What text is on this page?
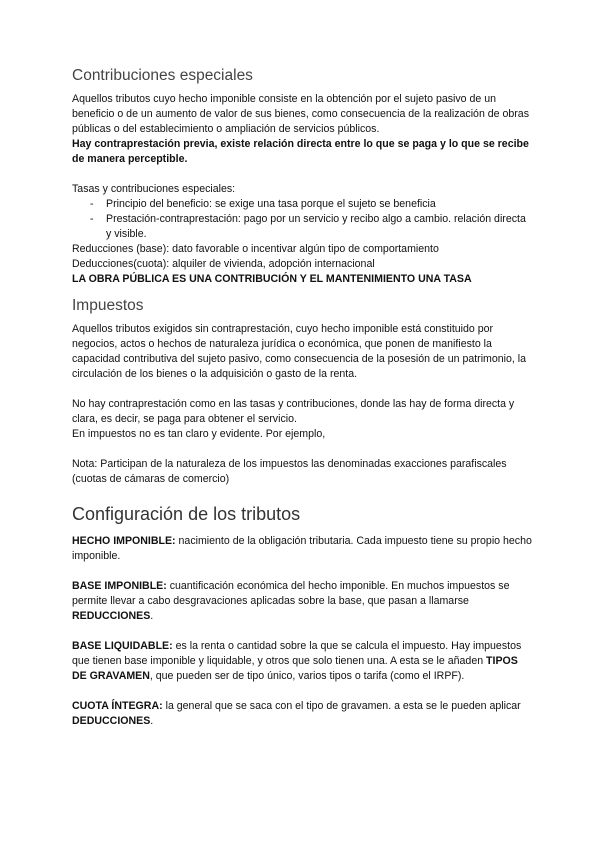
Contribuciones especiales

Aquellos tributos cuyo hecho imponible consiste en la obtención por el sujeto pasivo de un beneficio o de un aumento de valor de sus bienes, como consecuencia de la realización de obras públicas o del establecimiento o ampliación de servicios públicos.

Hay contraprestación previa, existe relación directa entre lo que se paga y lo que se recibe de manera perceptible.

Tasas y contribuciones especiales:

- Principio del beneficio: se exige una tasa porque el sujeto se beneficia
- Prestación-contraprestación: pago por un servicio y recibo algo a cambio. relación directa y visible.

Reducciones (base): dato favorable o incentivar algún tipo de comportamiento

Deducciones(cuota): alquiler de vivienda, adopción internacional

LA OBRA PÚBLICA ES UNA CONTRIBUCIÓN Y EL MANTENIMIENTO UNA TASA

Impuestos

Aquellos tributos exigidos sin contraprestación, cuyo hecho imponible está constituido por negocios, actos o hechos de naturaleza jurídica o económica, que ponen de manifiesto la capacidad contributiva del sujeto pasivo, como consecuencia de la posesión de un patrimonio, la circulación de los bienes o la adquisición o gasto de la renta.

No hay contraprestación como en las tasas y contribuciones, donde las hay de forma directa y clara, es decir, se paga para obtener el servicio.

En impuestos no es tan claro y evidente. Por ejemplo,

Nota: Participan de la naturaleza de los impuestos las denominadas exacciones parafiscales (cuotas de cámaras de comercio)

Configuración de los tributos

HECHO IMPONIBLE: nacimiento de la obligación tributaria. Cada impuesto tiene su propio hecho imponible.

BASE IMPONIBLE: cuantificación económica del hecho imponible. En muchos impuestos se permite llevar a cabo desgravaciones aplicadas sobre la base, que pasan a llamarse REDUCCIONES.

BASE LIQUIDABLE: es la renta o cantidad sobre la que se calcula el impuesto. Hay impuestos que tienen base imponible y liquidable, y otros que solo tienen una. A esta se le añaden TIPOS DE GRAVAMEN, que pueden ser de tipo único, varios tipos o tarifa (como el IRPF).

CUOTA ÍNTEGRA: la general que se saca con el tipo de gravamen. a esta se le pueden aplicar DEDUCCIONES.
